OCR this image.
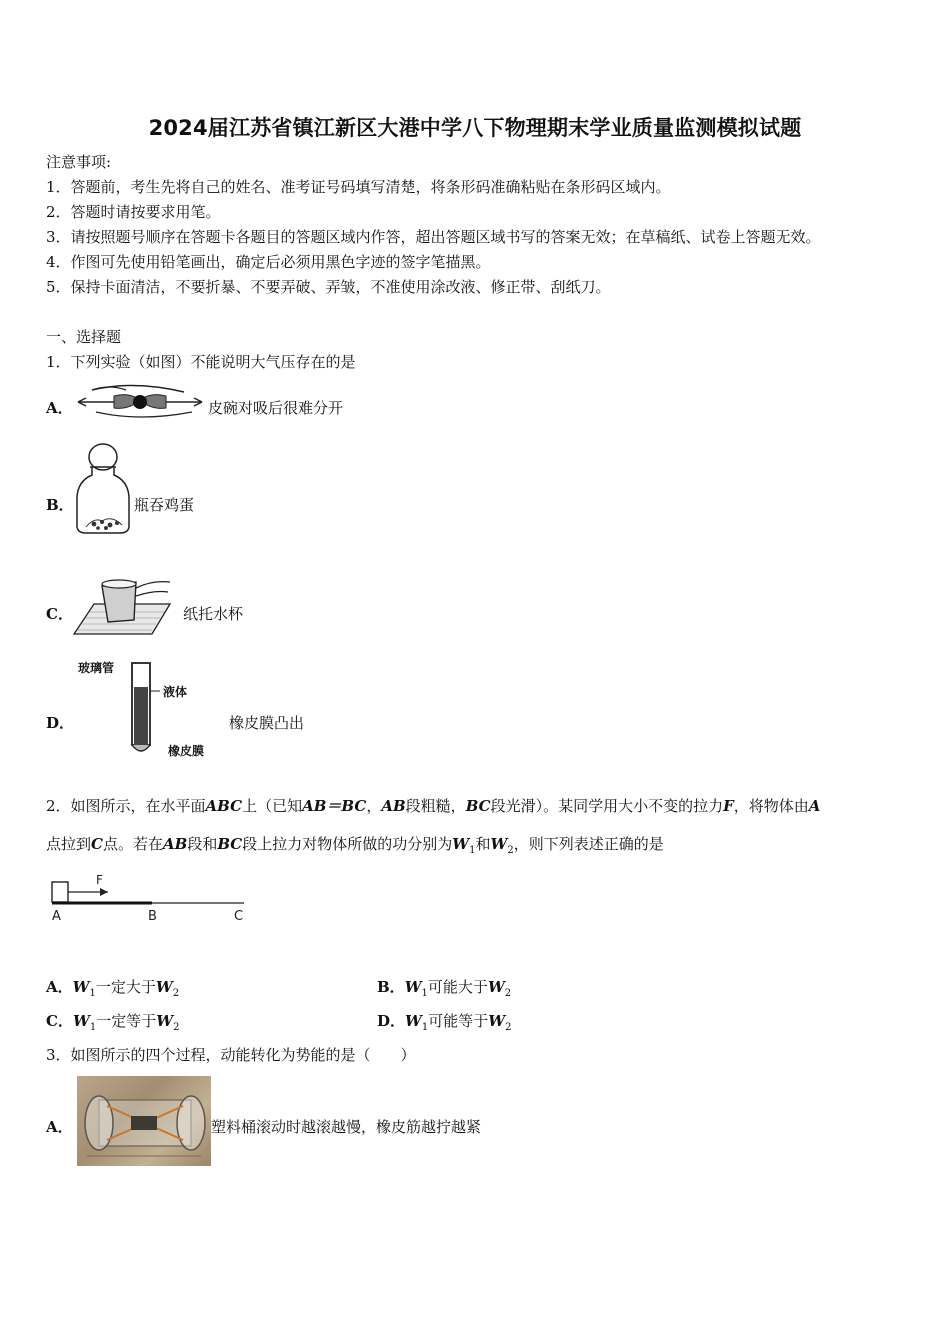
2024届江苏省镇江新区大港中学八下物理期末学业质量监测模拟试题
注意事项:
1．答题前，考生先将自己的姓名、准考证号码填写清楚，将条形码准确粘贴在条形码区域内。
2．答题时请按要求用笔。
3．请按照题号顺序在答题卡各题目的答题区域内作答，超出答题区域书写的答案无效；在草稿纸、试卷上答题无效。
4．作图可先使用铅笔画出，确定后必须用黑色字迹的签字笔描黑。
5．保持卡面清洁，不要折暴、不要弄破、弄皱，不准使用涂改液、修正带、刮纸刀。
一、选择题
1．下列实验（如图）不能说明大气压存在的是
A．	皮碗对吸后很难分开
B．	瓶吞鸡蛋
C．	纸托水杯
D．
玻璃管
液体
橡皮膜
橡皮膜凸出
2．如图所示，在水平面ABC上（已知AB＝BC，AB段粗糙，BC段光滑）。某同学用大小不变的拉力F，将物体由A
点拉到C点。若在AB段和BC段上拉力对物体所做的功分别为$W_1$和$W_2$，则下列表述正确的是
F
A	B	C
A．$W_1$一定大于$W_2$	B．$W_1$可能大于$W_2$
C．$W_1$一定等于$W_2$	D．$W_1$可能等于$W_2$
3．如图所示的四个过程，动能转化为势能的是（　　）
A．	塑料桶滚动时越滚越慢，橡皮筋越拧越紧
